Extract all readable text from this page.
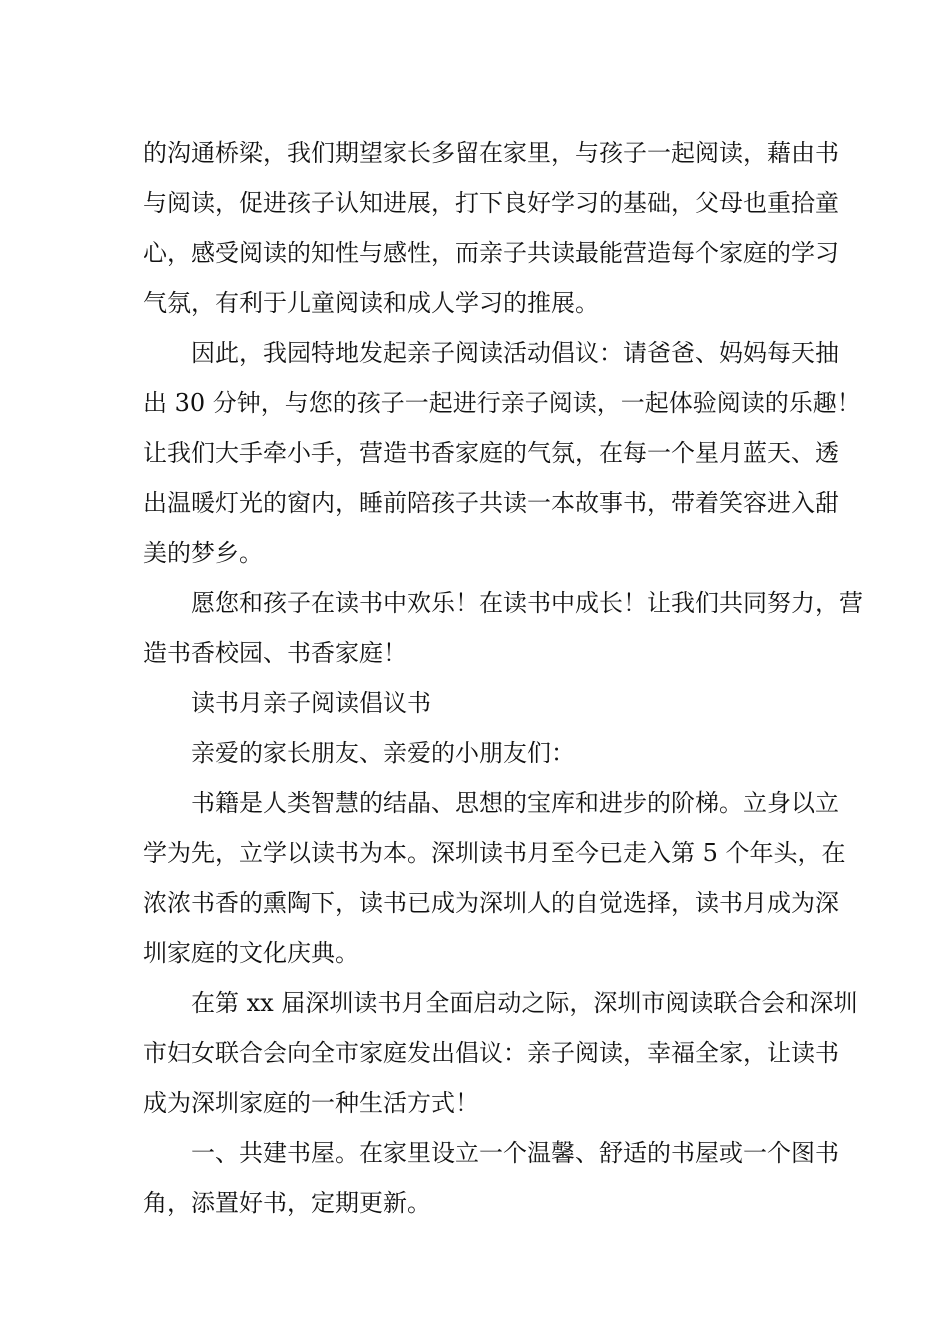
的沟通桥梁，我们期望家长多留在家里，与孩子一起阅读，藉由书
与阅读，促进孩子认知进展，打下良好学习的基础，父母也重拾童
心，感受阅读的知性与感性，而亲子共读最能营造每个家庭的学习
气氛，有利于儿童阅读和成人学习的推展。
因此，我园特地发起亲子阅读活动倡议：请爸爸、妈妈每天抽
出 30 分钟，与您的孩子一起进行亲子阅读，一起体验阅读的乐趣！
让我们大手牵小手，营造书香家庭的气氛，在每一个星月蓝天、透
出温暖灯光的窗内，睡前陪孩子共读一本故事书，带着笑容进入甜
美的梦乡。
愿您和孩子在读书中欢乐！在读书中成长！让我们共同努力，营
造书香校园、书香家庭！
读书月亲子阅读倡议书
亲爱的家长朋友、亲爱的小朋友们：
书籍是人类智慧的结晶、思想的宝库和进步的阶梯。立身以立
学为先，立学以读书为本。深圳读书月至今已走入第 5 个年头，在
浓浓书香的熏陶下，读书已成为深圳人的自觉选择，读书月成为深
圳家庭的文化庆典。
在第 xx 届深圳读书月全面启动之际，深圳市阅读联合会和深圳
市妇女联合会向全市家庭发出倡议：亲子阅读，幸福全家，让读书
成为深圳家庭的一种生活方式！
一、共建书屋。在家里设立一个温馨、舒适的书屋或一个图书
角，添置好书，定期更新。
